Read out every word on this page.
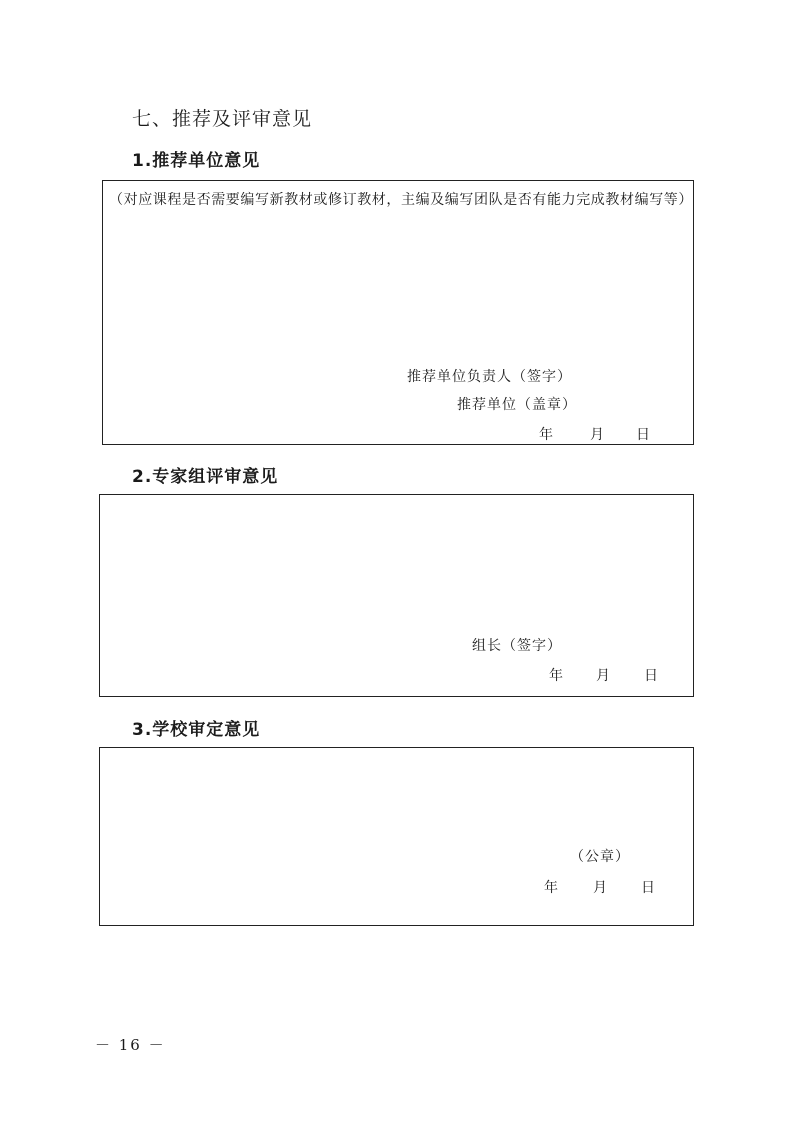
七、推荐及评审意见
1.推荐单位意见
（对应课程是否需要编写新教材或修订教材，主编及编写团队是否有能力完成教材编写等）
推荐单位负责人（签字）
推荐单位（盖章）
年	月 日
2.专家组评审意见
组长（签字）
年 月 日
3.学校审定意见
（公章）
年	月 日
－ 16 －
